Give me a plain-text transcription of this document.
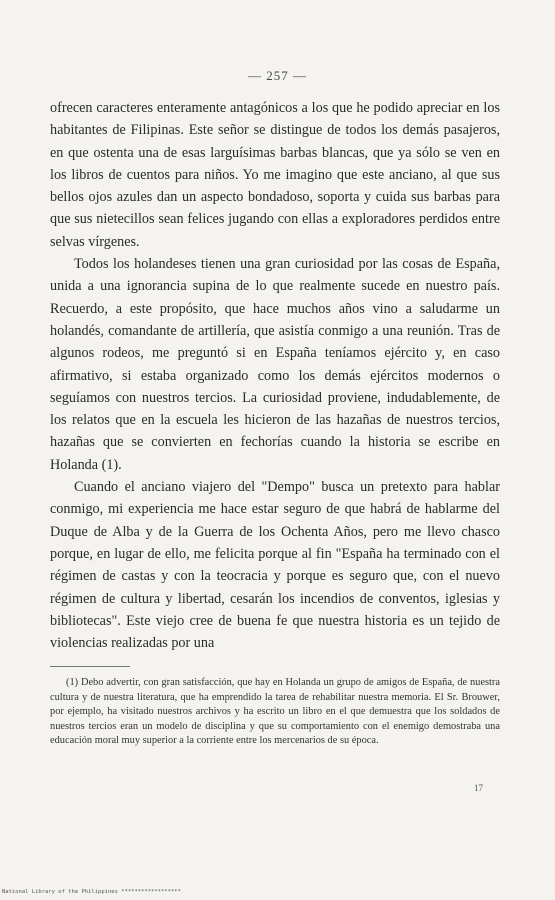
— 257 —

ofrecen caracteres enteramente antagónicos a los que he podido apreciar en los habitantes de Filipinas. Este señor se distingue de todos los demás pasajeros, en que ostenta una de esas larguísimas barbas blancas, que ya sólo se ven en los libros de cuentos para niños. Yo me imagino que este anciano, al que sus bellos ojos azules dan un aspecto bondadoso, soporta y cuida sus barbas para que sus nietecillos sean felices jugando con ellas a exploradores perdidos entre selvas vírgenes.

Todos los holandeses tienen una gran curiosidad por las cosas de España, unida a una ignorancia supina de lo que realmente sucede en nuestro país. Recuerdo, a este propósito, que hace muchos años vino a saludarme un holandés, comandante de artillería, que asistía conmigo a una reunión. Tras de algunos rodeos, me preguntó si en España teníamos ejército y, en caso afirmativo, si estaba organizado como los demás ejércitos modernos o seguíamos con nuestros tercios. La curiosidad proviene, indudablemente, de los relatos que en la escuela les hicieron de las hazañas de nuestros tercios, hazañas que se convierten en fechorías cuando la historia se escribe en Holanda (1).

Cuando el anciano viajero del "Dempo" busca un pretexto para hablar conmigo, mi experiencia me hace estar seguro de que habrá de hablarme del Duque de Alba y de la Guerra de los Ochenta Años, pero me llevo chasco porque, en lugar de ello, me felicita porque al fin "España ha terminado con el régimen de castas y con la teocracia y porque es seguro que, con el nuevo régimen de cultura y libertad, cesarán los incendios de conventos, iglesias y bibliotecas". Este viejo cree de buena fe que nuestra historia es un tejido de violencias realizadas por una

(1) Debo advertir, con gran satisfacción, que hay en Holanda un grupo de amigos de España, de nuestra cultura y de nuestra literatura, que ha emprendido la tarea de rehabilitar nuestra memoria. El Sr. Brouwer, por ejemplo, ha visitado nuestros archivos y ha escrito un libro en el que demuestra que los soldados de nuestros tercios eran un modelo de disciplina y que su comportamiento con el enemigo demostraba una educación moral muy superior a la corriente entre los mercenarios de su época.

17
National Library of the Philippines ******************
